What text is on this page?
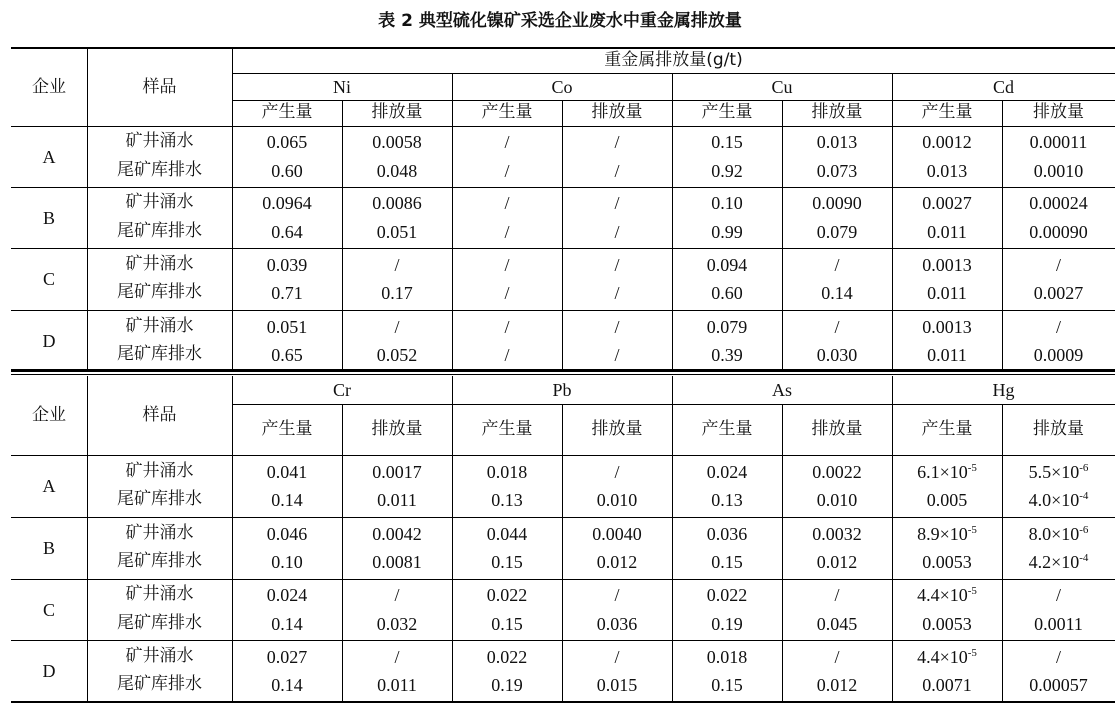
表 2 典型硫化镍矿采选企业废水中重金属排放量
企业	样品
重金属排放量(g/t)
Ni	Co	Cu	Cd
产生量	排放量	产生量	排放量	产生量	排放量	产生量	排放量
A
矿井涌水	0.065	0.0058	/	/	0.15	0.013	0.0012	0.00011
尾矿库排水	0.60	0.048	/	/	0.92	0.073	0.013	0.0010
B
矿井涌水	0.0964	0.0086	/	/	0.10	0.0090	0.0027	0.00024
尾矿库排水	0.64	0.051	/	/	0.99	0.079	0.011	0.00090
C
矿井涌水	0.039	/	/	/	0.094	/	0.0013	/
尾矿库排水	0.71	0.17	/	/	0.60	0.14	0.011	0.0027
D
矿井涌水	0.051	/	/	/	0.079	/	0.0013	/
尾矿库排水	0.65	0.052	/	/	0.39	0.030	0.011	0.0009
企业	样品
Cr	Pb	As	Hg
产生量	排放量	产生量	排放量	产生量	排放量	产生量	排放量
A
矿井涌水	0.041	0.0017	0.018	/	0.024	0.0022	$6.1\times 10^{-5}$	$5.5\times 10^{-6}$
尾矿库排水	0.14	0.011	0.13	0.010	0.13	0.010	0.005	$4.0\times 10^{-4}$
B
矿井涌水	0.046	0.0042	0.044	0.0040	0.036	0.0032	$8.9\times 10^{-5}$	$8.0\times 10^{-6}$
尾矿库排水	0.10	0.0081	0.15	0.012	0.15	0.012	0.0053	$4.2\times 10^{-4}$
C
矿井涌水	0.024	/	0.022	/	0.022	/	$4.4\times 10^{-5}$	/
尾矿库排水	0.14	0.032	0.15	0.036	0.19	0.045	0.0053	0.0011
D
矿井涌水	0.027	/	0.022	/	0.018	/	$4.4\times 10^{-5}$	/
尾矿库排水	0.14	0.011	0.19	0.015	0.15	0.012	0.0071	0.00057
